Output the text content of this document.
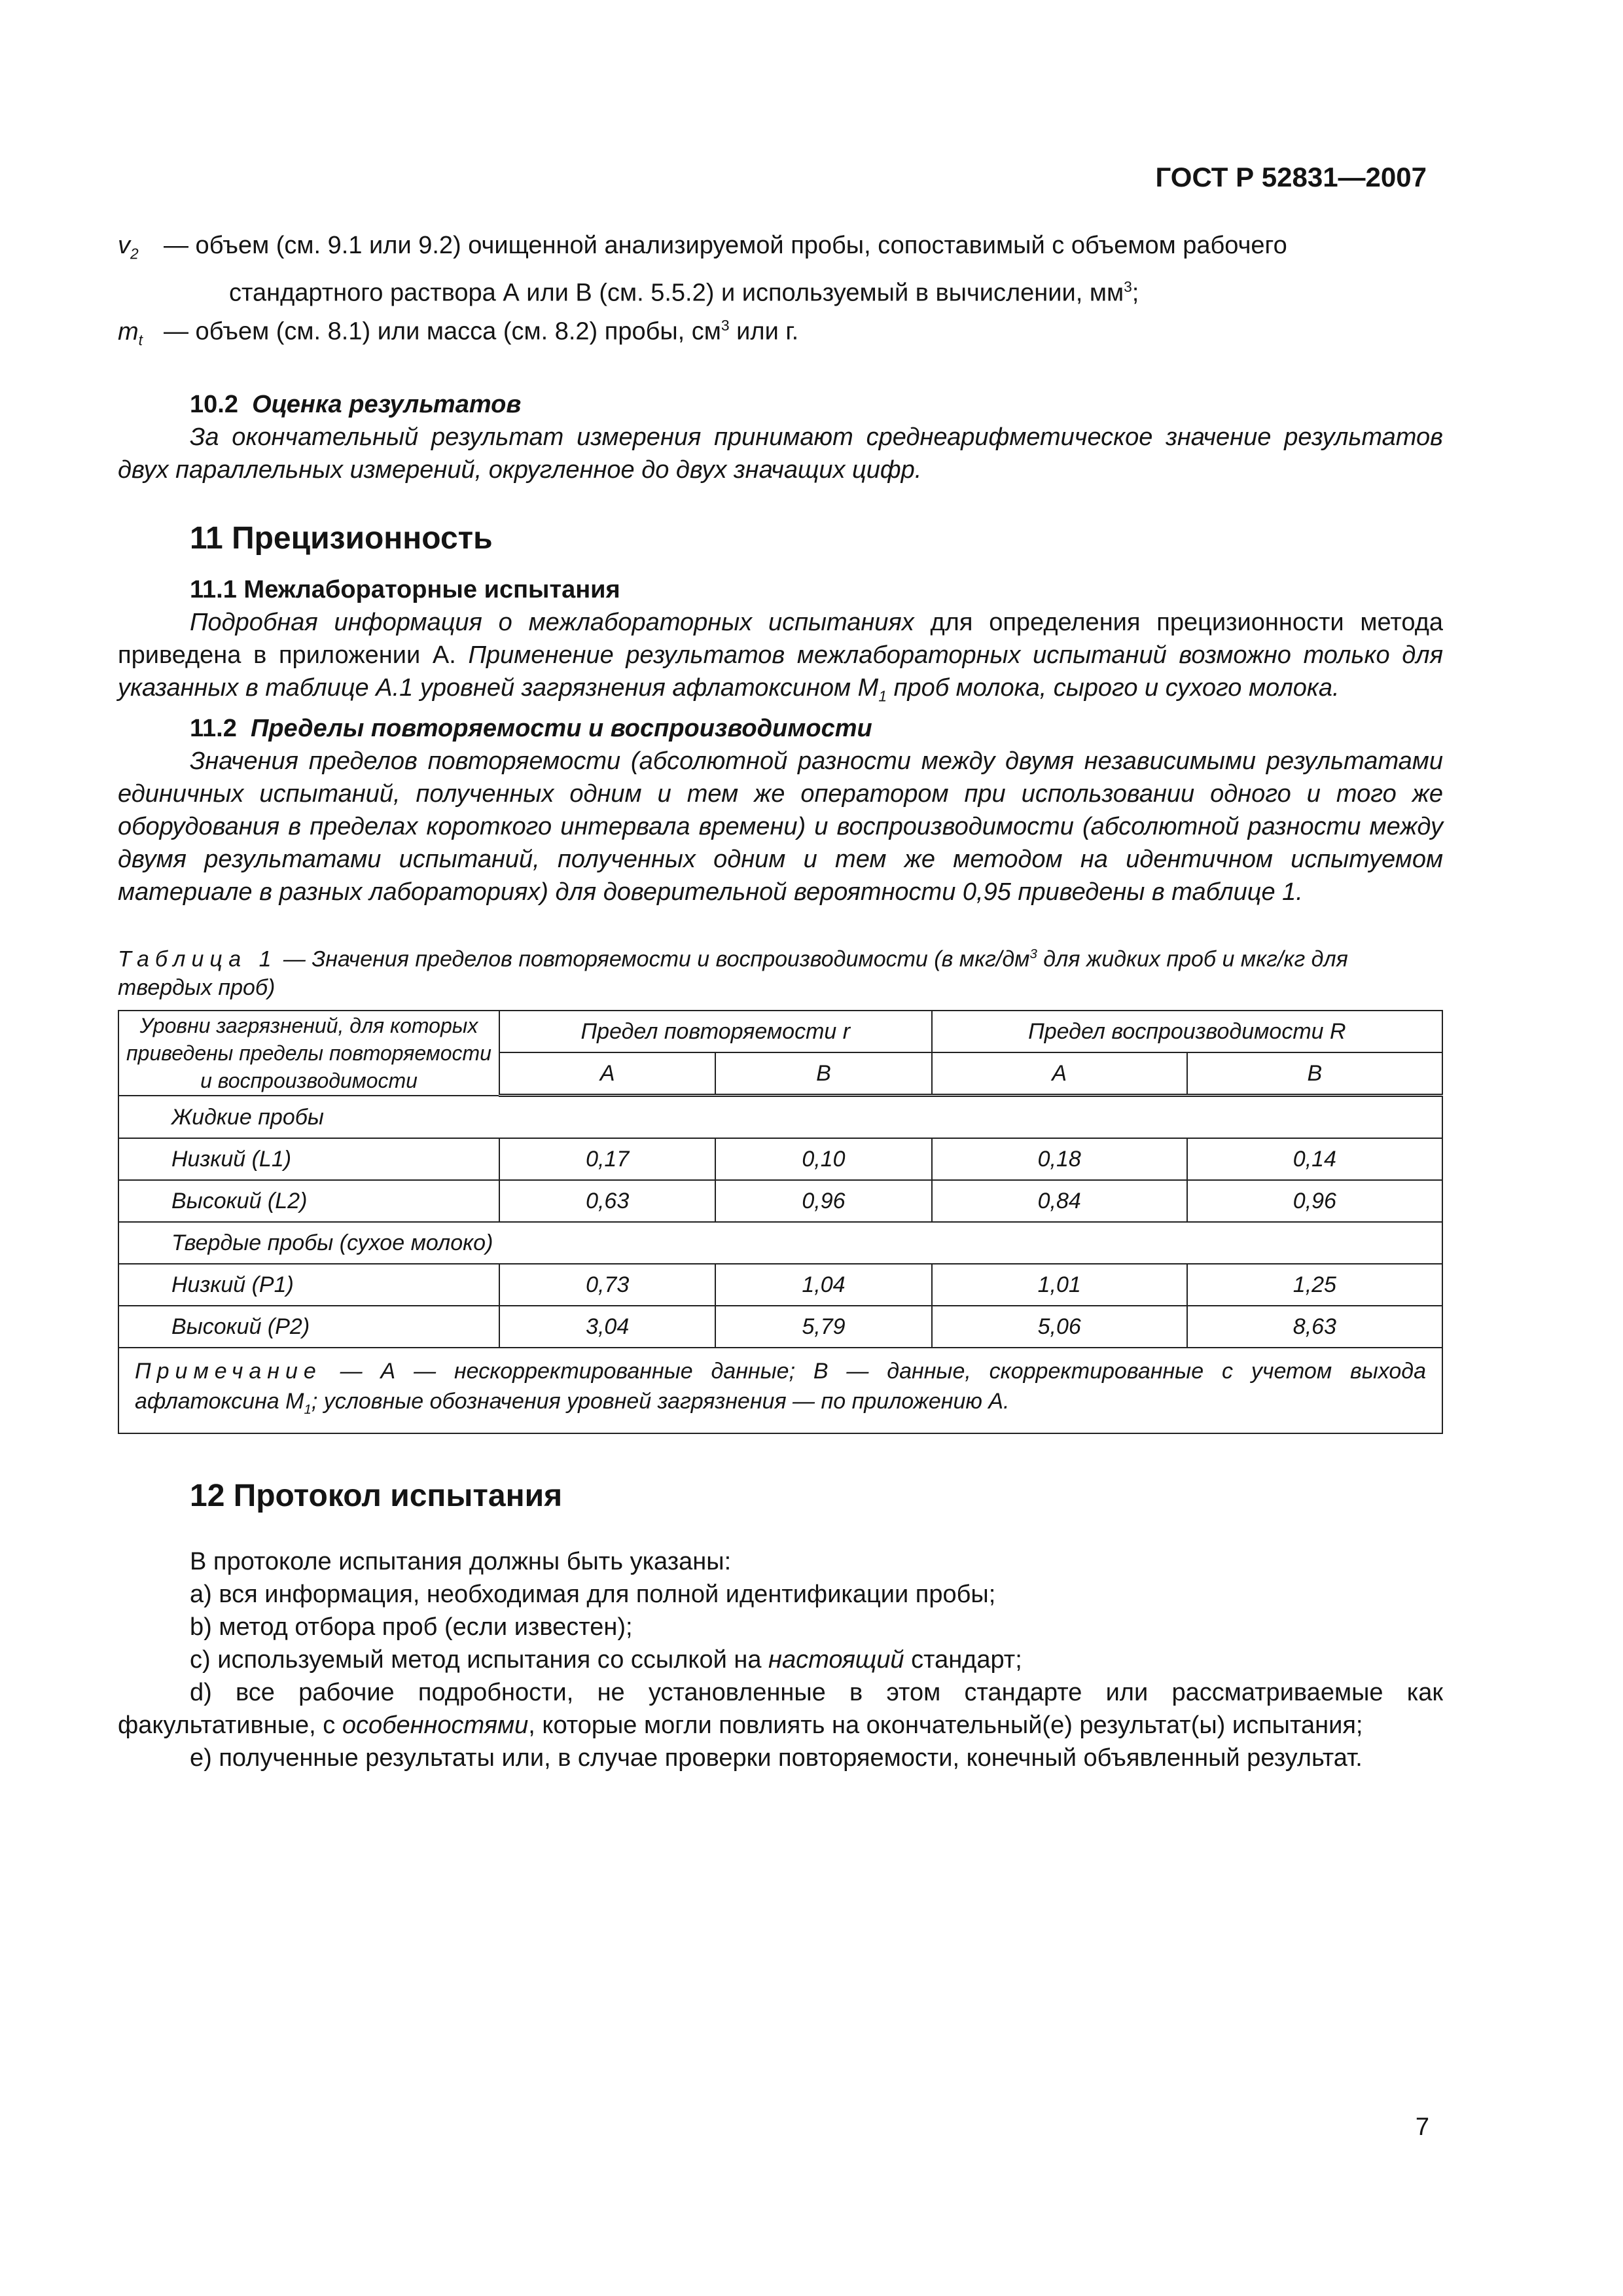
ГОСТ Р 52831—2007
$v_2$ — объем (см. 9.1 или 9.2) очищенной анализируемой пробы, сопоставимый с объемом рабочего стандартного раствора А или В (см. 5.5.2) и используемый в вычислении, $мм^3$;
$m_t$ — объем (см. 8.1) или масса (см. 8.2) пробы, $см^3$ или г.
10.2 Оценка результатов

За окончательный результат измерения принимают среднеарифметическое значение результатов двух параллельных измерений, округленное до двух значащих цифр.

11 Прецизионность
11.1 Межлабораторные испытания

Подробная информация о межлабораторных испытаниях для определения прецизионности метода приведена в приложении А. Применение результатов межлабораторных испытаний возможно только для указанных в таблице А.1 уровней загрязнения афлатоксином $М_1$ проб молока, сырого и сухого молока.

11.2 Пределы повторяемости и воспроизводимости

Значения пределов повторяемости (абсолютной разности между двумя независимыми результатами единичных испытаний, полученных одним и тем же оператором при использовании одного и того же оборудования в пределах короткого интервала времени) и воспроизводимости (абсолютной разности между двумя результатами испытаний, полученных одним и тем же методом на идентичном испытуемом материале в разных лабораториях) для доверительной вероятности 0,95 приведены в таблице 1.

Таблица 1 — Значения пределов повторяемости и воспроизводимости (в мкг/$дм^3$ для жидких проб и мкг/кг для твердых проб)
Уровни загрязнений, для которых приведены пределы повторяемости и воспроизводимости	Предел повторяемости r		Предел воспроизводимости R	
	А	В	А	В
Жидкие пробы				
Низкий (L1)	0,17	0,10	0,18	0,14
Высокий (L2)	0,63	0,96	0,84	0,96
Твердые пробы (сухое молоко)				
Низкий (Р1)	0,73	1,04	1,01	1,25
Высокий (Р2)	3,04	5,79	5,06	8,63
Примечание — А — нескорректированные данные; В — данные, скорректированные с учетом выхода афлатоксина $М_1$; условные обозначения уровней загрязнения — по приложению А.				
12 Протокол испытания

В протоколе испытания должны быть указаны:

a) вся информация, необходимая для полной идентификации пробы;

b) метод отбора проб (если известен);

c) используемый метод испытания со ссылкой на настоящий стандарт;

d) все рабочие подробности, не установленные в этом стандарте или рассматриваемые как факультативные, с особенностями, которые могли повлиять на окончательный(е) результат(ы) испытания;

e) полученные результаты или, в случае проверки повторяемости, конечный объявленный результат.

7
